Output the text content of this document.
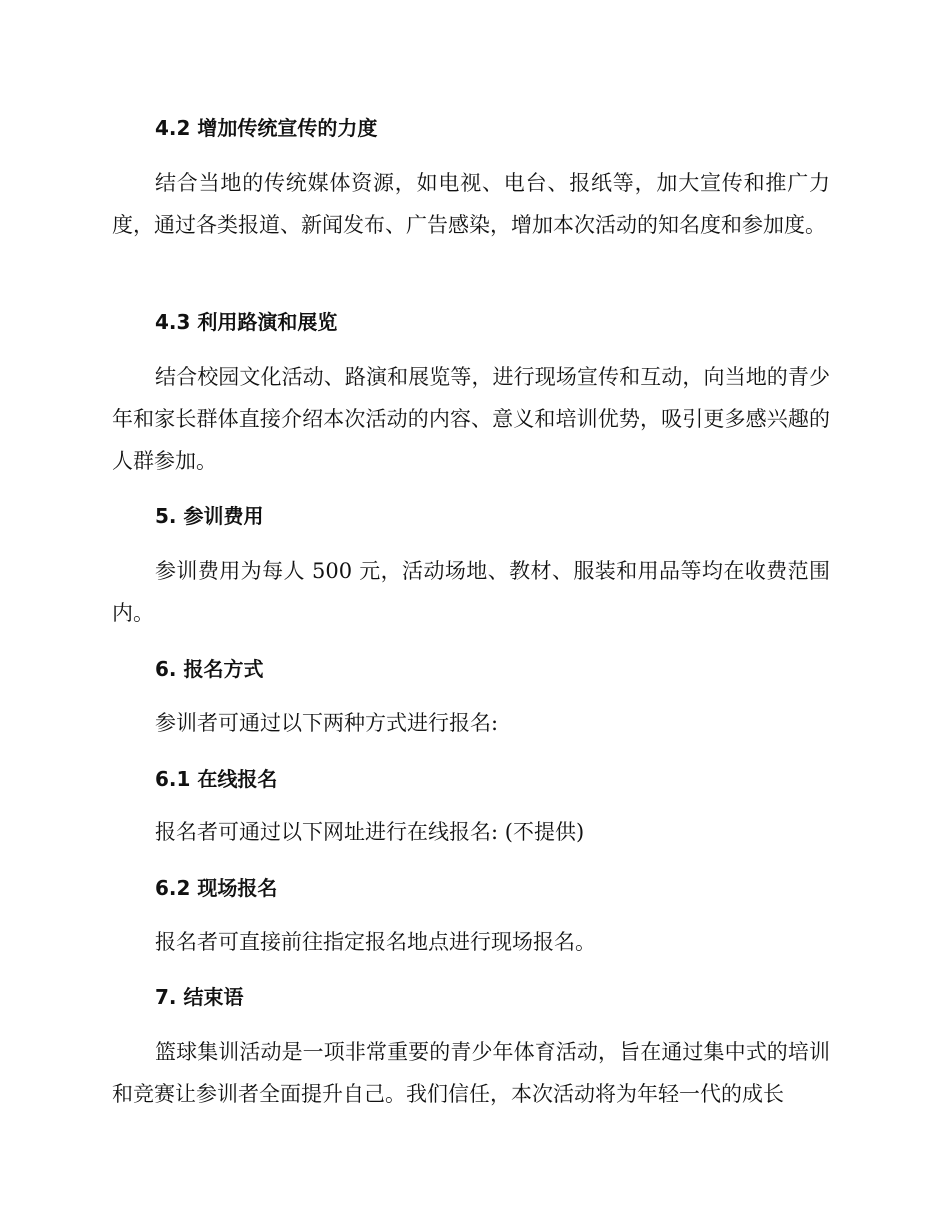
4.2 增加传统宣传的力度

结合当地的传统媒体资源，如电视、电台、报纸等，加大宣传和推广力度，通过各类报道、新闻发布、广告感染，增加本次活动的知名度和参加度。

4.3 利用路演和展览

结合校园文化活动、路演和展览等，进行现场宣传和互动，向当地的青少年和家长群体直接介绍本次活动的内容、意义和培训优势，吸引更多感兴趣的人群参加。

5. 参训费用

参训费用为每人 500 元，活动场地、教材、服装和用品等均在收费范围内。

6. 报名方式

参训者可通过以下两种方式进行报名:

6.1 在线报名

报名者可通过以下网址进行在线报名: (不提供)

6.2 现场报名

报名者可直接前往指定报名地点进行现场报名。

7. 结束语

篮球集训活动是一项非常重要的青少年体育活动，旨在通过集中式的培训和竞赛让参训者全面提升自己。我们信任，本次活动将为年轻一代的成长
